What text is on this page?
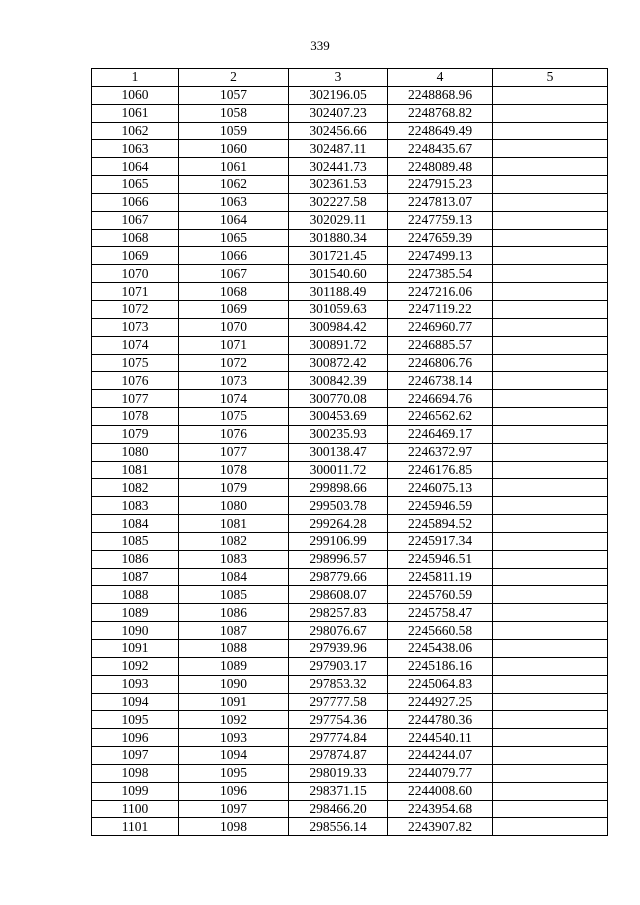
339
1	2	3	4	5
1060	1057	302196.05	2248868.96	
1061	1058	302407.23	2248768.82	
1062	1059	302456.66	2248649.49	
1063	1060	302487.11	2248435.67	
1064	1061	302441.73	2248089.48	
1065	1062	302361.53	2247915.23	
1066	1063	302227.58	2247813.07	
1067	1064	302029.11	2247759.13	
1068	1065	301880.34	2247659.39	
1069	1066	301721.45	2247499.13	
1070	1067	301540.60	2247385.54	
1071	1068	301188.49	2247216.06	
1072	1069	301059.63	2247119.22	
1073	1070	300984.42	2246960.77	
1074	1071	300891.72	2246885.57	
1075	1072	300872.42	2246806.76	
1076	1073	300842.39	2246738.14	
1077	1074	300770.08	2246694.76	
1078	1075	300453.69	2246562.62	
1079	1076	300235.93	2246469.17	
1080	1077	300138.47	2246372.97	
1081	1078	300011.72	2246176.85	
1082	1079	299898.66	2246075.13	
1083	1080	299503.78	2245946.59	
1084	1081	299264.28	2245894.52	
1085	1082	299106.99	2245917.34	
1086	1083	298996.57	2245946.51	
1087	1084	298779.66	2245811.19	
1088	1085	298608.07	2245760.59	
1089	1086	298257.83	2245758.47	
1090	1087	298076.67	2245660.58	
1091	1088	297939.96	2245438.06	
1092	1089	297903.17	2245186.16	
1093	1090	297853.32	2245064.83	
1094	1091	297777.58	2244927.25	
1095	1092	297754.36	2244780.36	
1096	1093	297774.84	2244540.11	
1097	1094	297874.87	2244244.07	
1098	1095	298019.33	2244079.77	
1099	1096	298371.15	2244008.60	
1100	1097	298466.20	2243954.68	
1101	1098	298556.14	2243907.82	
